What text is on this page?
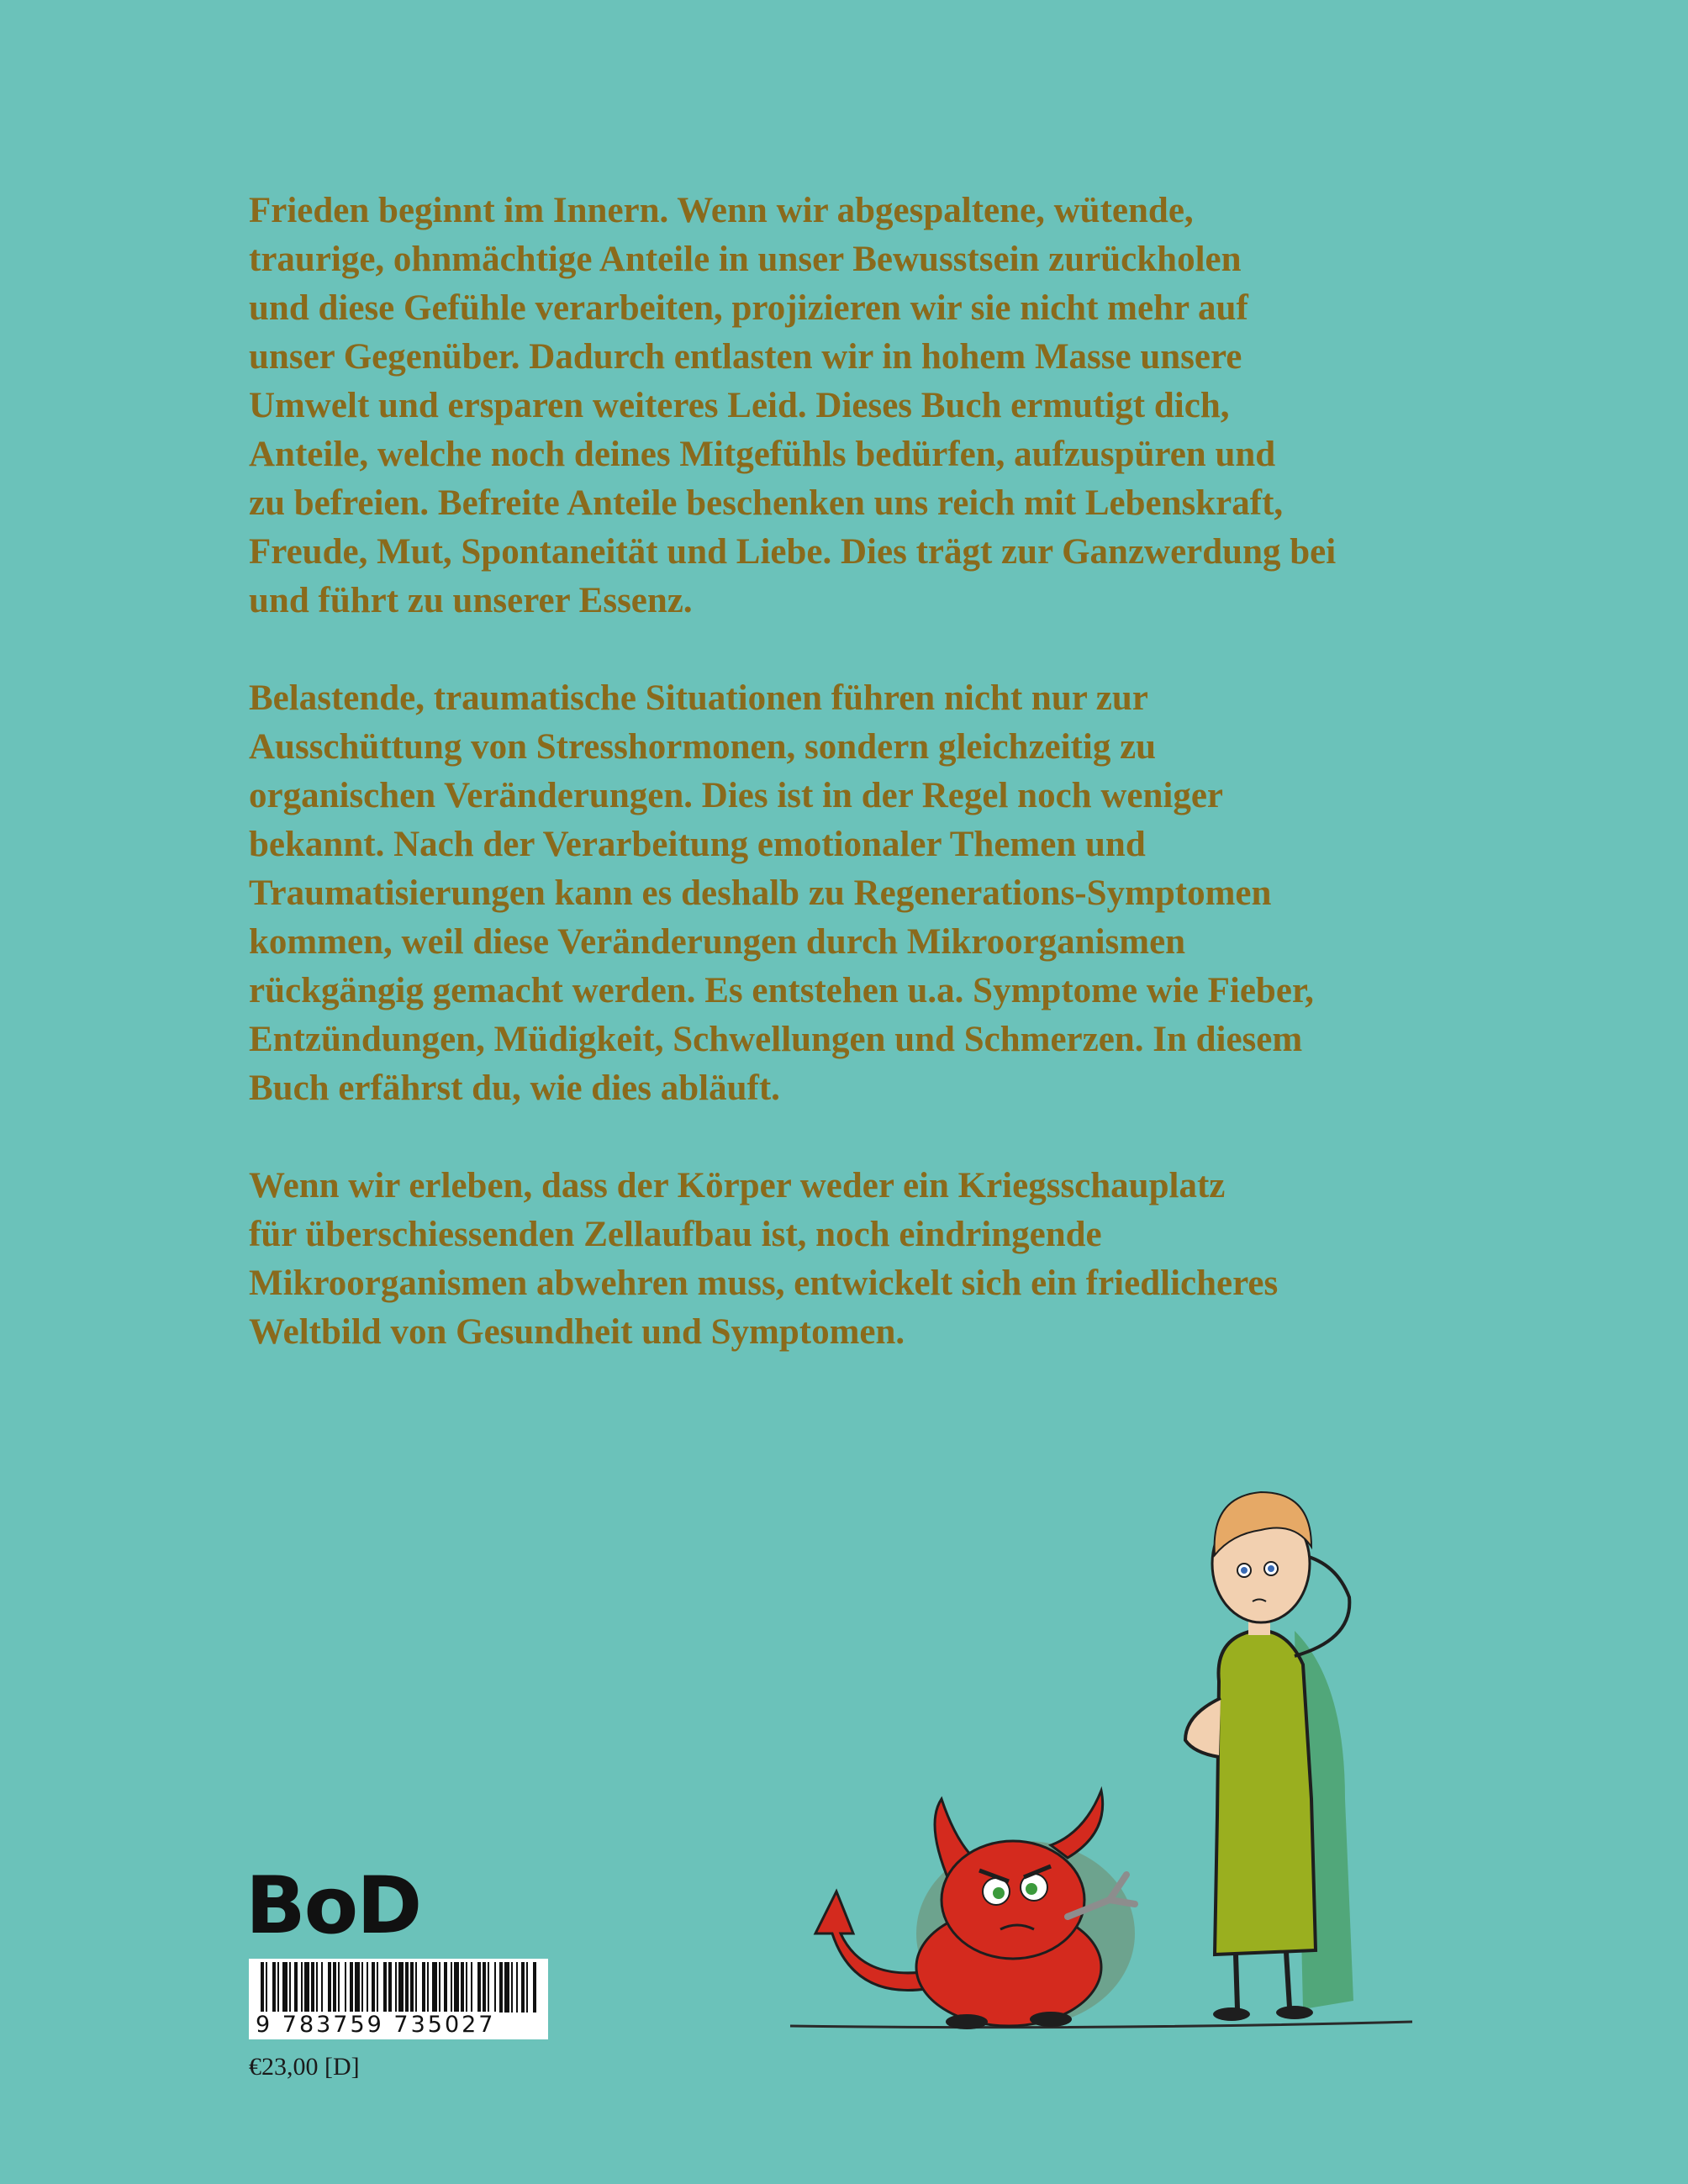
Frieden beginnt im Innern. Wenn wir abgespaltene, wütende,
traurige, ohnmächtige Anteile in unser Bewusstsein zurückholen
und diese Gefühle verarbeiten, projizieren wir sie nicht mehr auf
unser Gegenüber. Dadurch entlasten wir in hohem Masse unsere
Umwelt und ersparen weiteres Leid. Dieses Buch ermutigt dich,
Anteile, welche noch deines Mitgefühls bedürfen, aufzuspüren und
zu befreien. Befreite Anteile beschenken uns reich mit Lebenskraft,
Freude, Mut, Spontaneität und Liebe. Dies trägt zur Ganzwerdung bei
und führt zu unserer Essenz.

Belastende, traumatische Situationen führen nicht nur zur
Ausschüttung von Stresshormonen, sondern gleichzeitig zu
organischen Veränderungen. Dies ist in der Regel noch weniger
bekannt. Nach der Verarbeitung emotionaler Themen und
Traumatisierungen kann es deshalb zu Regenerations-Symptomen
kommen, weil diese Veränderungen durch Mikroorganismen
rückgängig gemacht werden. Es entstehen u.a. Symptome wie Fieber,
Entzündungen, Müdigkeit, Schwellungen und Schmerzen. In diesem
Buch erfährst du, wie dies abläuft.

Wenn wir erleben, dass der Körper weder ein Kriegsschauplatz
für überschiessenden Zellaufbau ist, noch eindringende
Mikroorganismen abwehren muss, entwickelt sich ein friedlicheres
Weltbild von Gesundheit und Symptomen.

BoD
9 783759 735027
€23,00 [D]
